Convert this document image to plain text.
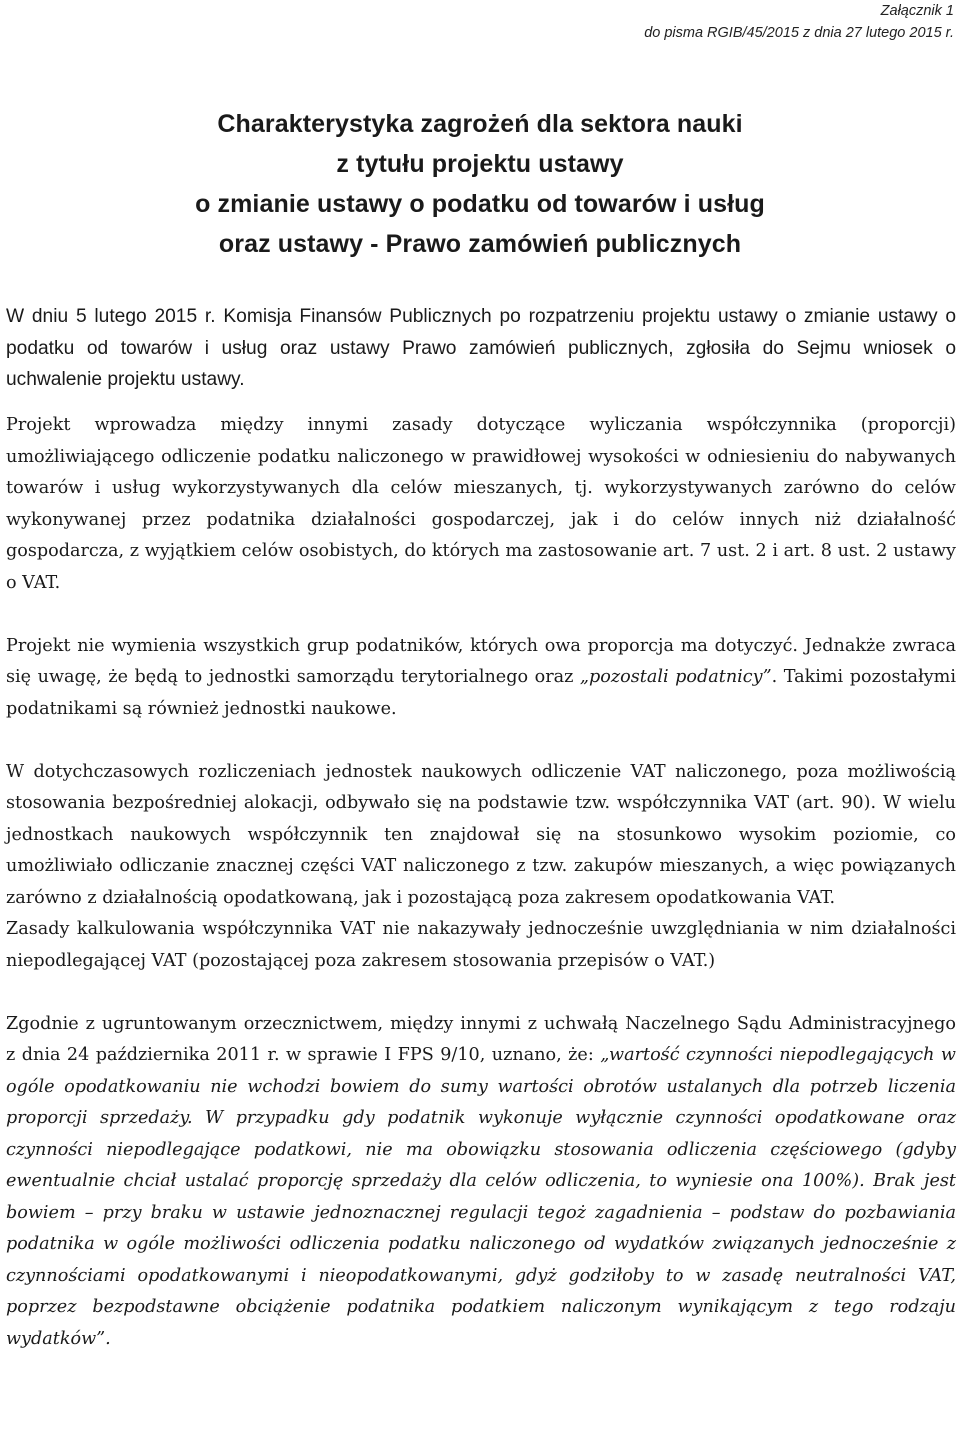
Załącznik 1
do pisma RGIB/45/2015 z dnia 27 lutego 2015 r.
Charakterystyka zagrożeń dla sektora nauki
z tytułu projektu ustawy
o zmianie ustawy o podatku od towarów i usług
oraz ustawy - Prawo zamówień publicznych

W dniu 5 lutego 2015 r. Komisja Finansów Publicznych po rozpatrzeniu projektu ustawy o zmianie ustawy o podatku od towarów i usług oraz ustawy Prawo zamówień publicznych, zgłosiła do Sejmu wniosek o uchwalenie projektu ustawy.

Projekt wprowadza między innymi zasady dotyczące wyliczania współczynnika (proporcji) umożliwiającego odliczenie podatku naliczonego w prawidłowej wysokości w odniesieniu do nabywanych towarów i usług wykorzystywanych dla celów mieszanych, tj. wykorzystywanych zarówno do celów wykonywanej przez podatnika działalności gospodarczej, jak i do celów innych niż działalność gospodarcza, z wyjątkiem celów osobistych, do których ma zastosowanie art. 7 ust. 2 i art. 8 ust. 2 ustawy o VAT.

Projekt nie wymienia wszystkich grup podatników, których owa proporcja ma dotyczyć. Jednakże zwraca się uwagę, że będą to jednostki samorządu terytorialnego oraz „pozostali podatnicy”. Takimi pozostałymi podatnikami są również jednostki naukowe.

W dotychczasowych rozliczeniach jednostek naukowych odliczenie VAT naliczonego, poza możliwością stosowania bezpośredniej alokacji, odbywało się na podstawie tzw. współczynnika VAT (art. 90). W wielu jednostkach naukowych współczynnik ten znajdował się na stosunkowo wysokim poziomie, co umożliwiało odliczanie znacznej części VAT naliczonego z tzw. zakupów mieszanych, a więc powiązanych zarówno z działalnością opodatkowaną, jak i pozostającą poza zakresem opodatkowania VAT.

Zasady kalkulowania współczynnika VAT nie nakazywały jednocześnie uwzględniania w nim działalności niepodlegającej VAT (pozostającej poza zakresem stosowania przepisów o VAT.)

Zgodnie z ugruntowanym orzecznictwem, między innymi z uchwałą Naczelnego Sądu Administracyjnego z dnia 24 października 2011 r. w sprawie I FPS 9/10, uznano, że: „wartość czynności niepodlegających w ogóle opodatkowaniu nie wchodzi bowiem do sumy wartości obrotów ustalanych dla potrzeb liczenia proporcji sprzedaży. W przypadku gdy podatnik wykonuje wyłącznie czynności opodatkowane oraz czynności niepodlegające podatkowi, nie ma obowiązku stosowania odliczenia częściowego (gdyby ewentualnie chciał ustalać proporcję sprzedaży dla celów odliczenia, to wyniesie ona 100%). Brak jest bowiem – przy braku w ustawie jednoznacznej regulacji tegoż zagadnienia – podstaw do pozbawiania podatnika w ogóle możliwości odliczenia podatku naliczonego od wydatków związanych jednocześnie z czynnościami opodatkowanymi i nieopodatkowanymi, gdyż godziłoby to w zasadę neutralności VAT, poprzez bezpodstawne obciążenie podatnika podatkiem naliczonym wynikającym z tego rodzaju wydatków”.
